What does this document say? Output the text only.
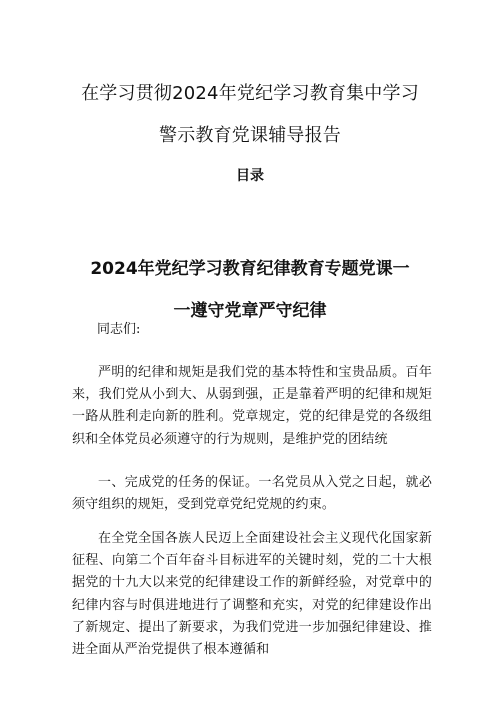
在学习贯彻2024年党纪学习教育集中学习
警示教育党课辅导报告
目录
2024年党纪学习教育纪律教育专题党课一
一遵守党章严守纪律
同志们:

严明的纪律和规矩是我们党的基本特性和宝贵品质。百年来，我们党从小到大、从弱到强，正是靠着严明的纪律和规矩一路从胜利走向新的胜利。党章规定，党的纪律是党的各级组织和全体党员必须遵守的行为规则，是维护党的团结统

一、完成党的任务的保证。一名党员从入党之日起，就必须守组织的规矩，受到党章党纪党规的约束。

在全党全国各族人民迈上全面建设社会主义现代化国家新征程、向第二个百年奋斗目标进军的关键时刻，党的二十大根据党的十九大以来党的纪律建设工作的新鲜经验，对党章中的纪律内容与时俱进地进行了调整和充实，对党的纪律建设作出了新规定、提出了新要求，为我们党进一步加强纪律建设、推进全面从严治党提供了根本遵循和
